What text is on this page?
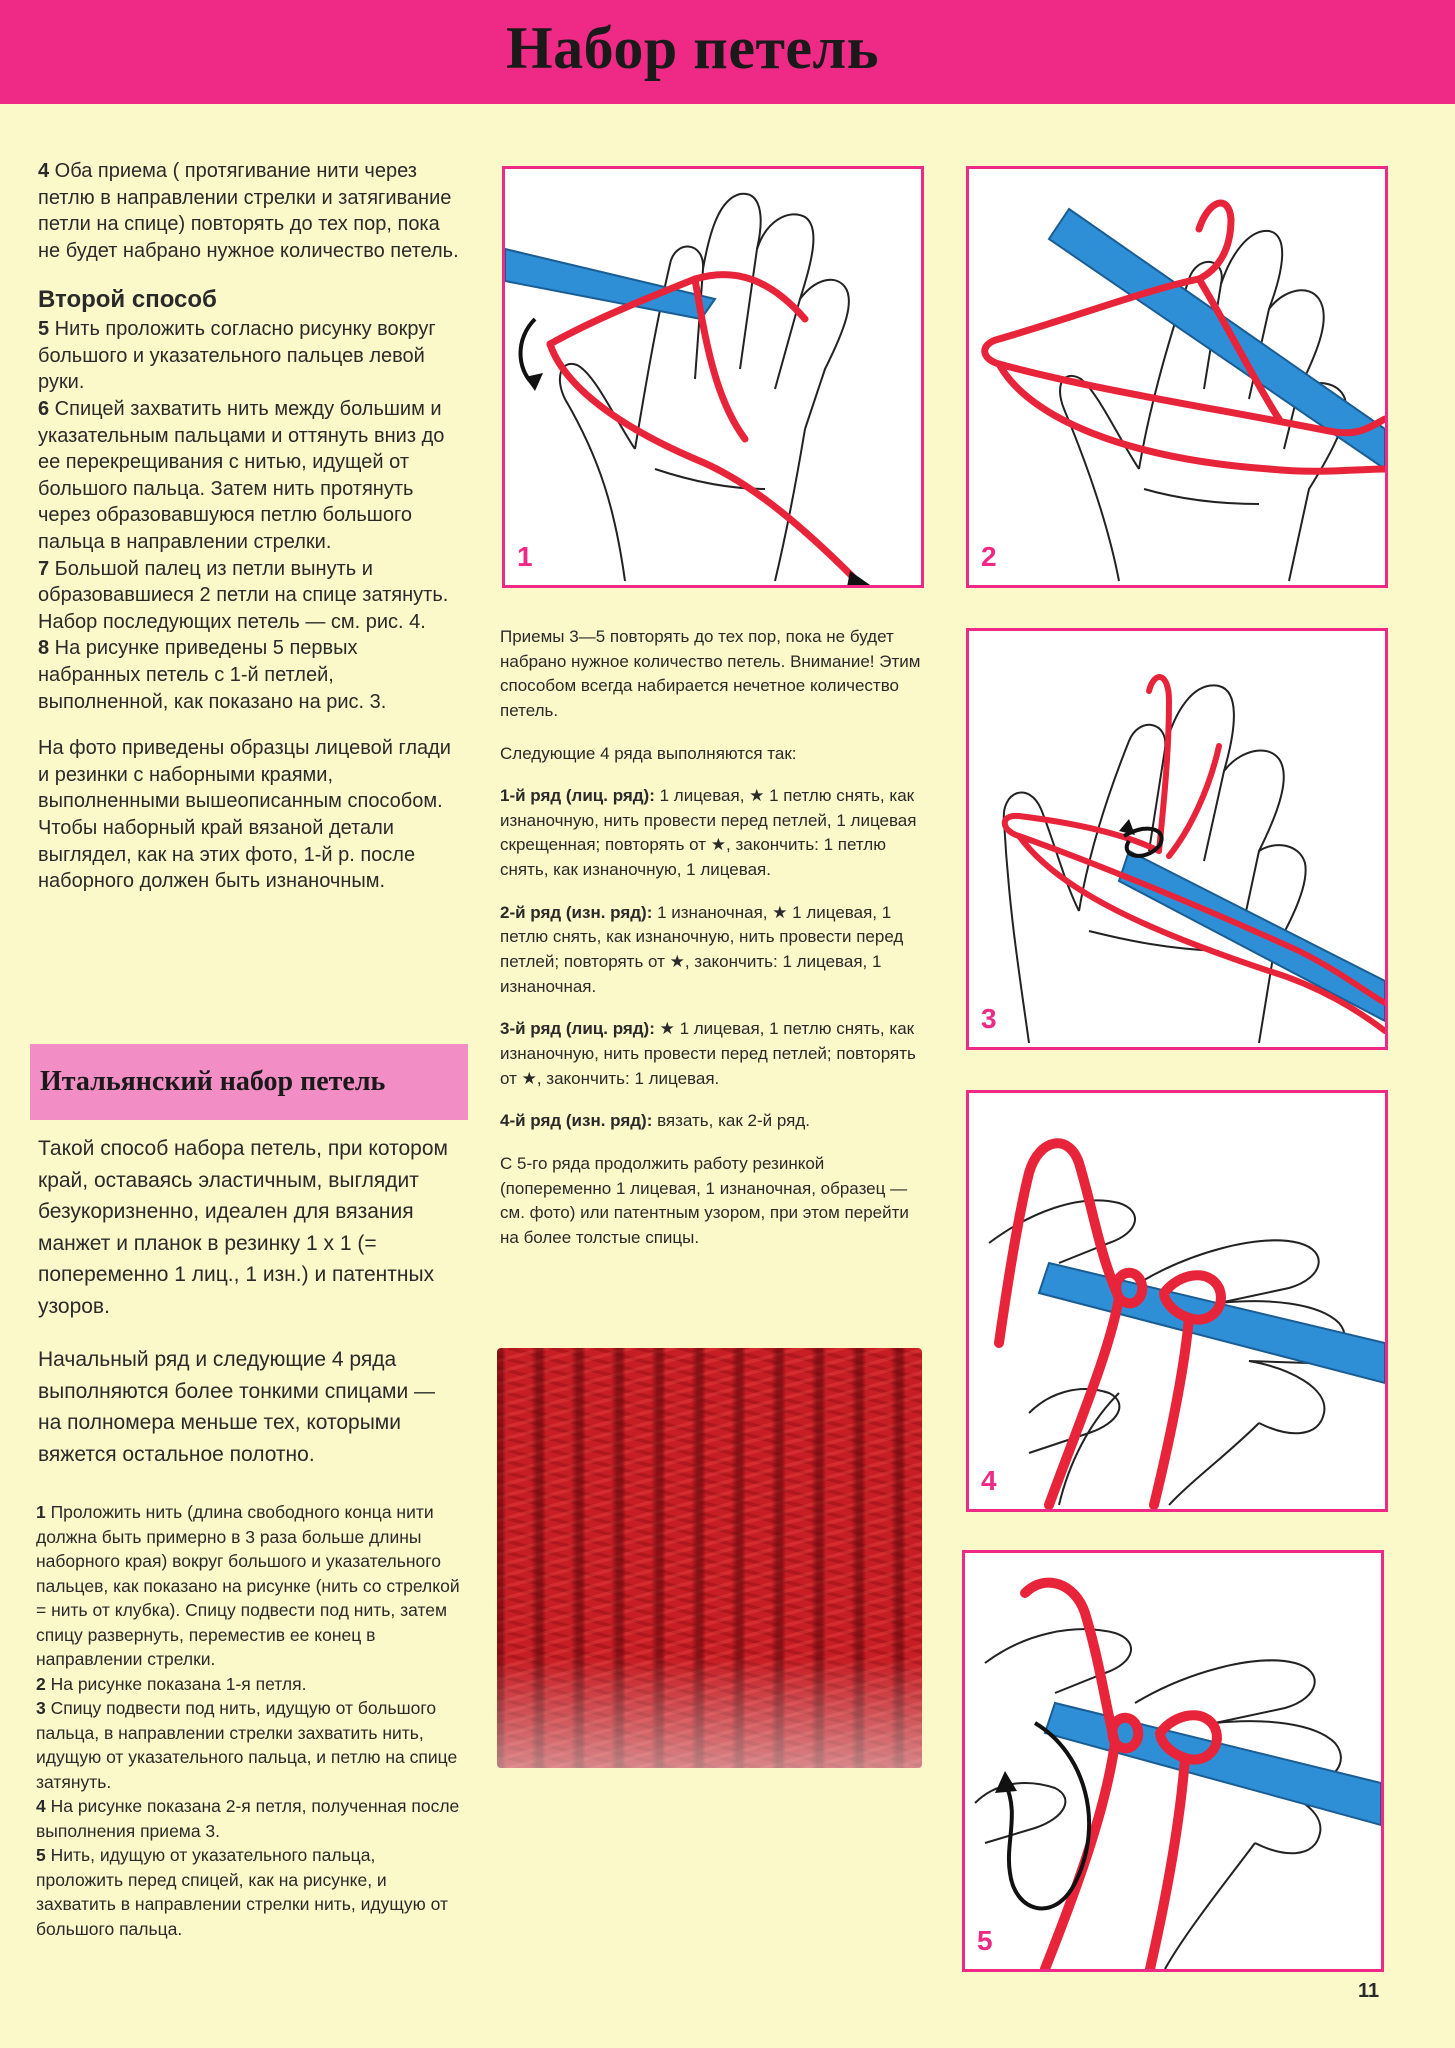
Набор петель

4 Оба приема ( протягивание нити через петлю в направлении стрелки и затягивание петли на спице) повторять до тех пор, пока не будет набрано нужное количество петель.

Второй способ

5 Нить проложить согласно рисунку вокруг большого и указательного пальцев левой руки.

6 Спицей захватить нить между большим и указательным пальцами и оттянуть вниз до ее перекрещивания с нитью, идущей от большого пальца. Затем нить протянуть через образовавшуюся петлю большого пальца в направлении стрелки.

7 Большой палец из петли вынуть и образовавшиеся 2 петли на спице затянуть. Набор последующих петель — см. рис. 4.

8 На рисунке приведены 5 первых набранных петель с 1-й петлей, выполненной, как показано на рис. 3.

На фото приведены образцы лицевой глади и резинки с наборными краями, выполненными вышеописанным способом.

Чтобы наборный край вязаной детали выглядел, как на этих фото, 1-й р. после наборного должен быть изнаночным.

Итальянский набор петель

Такой способ набора петель, при котором край, оставаясь эластичным, выглядит безукоризненно, идеален для вязания манжет и планок в резинку 1 x 1 (= попеременно 1 лиц., 1 изн.) и патентных узоров.

Начальный ряд и следующие 4 ряда выполняются более тонкими спицами — на полномера меньше тех, которыми вяжется остальное полотно.

1 Проложить нить (длина свободного конца нити должна быть примерно в 3 раза больше длины наборного края) вокруг большого и указательного пальцев, как показано на рисунке (нить со стрелкой = нить от клубка). Спицу подвести под нить, затем спицу развернуть, переместив ее конец в направлении стрелки.

2 На рисунке показана 1-я петля.

3 Спицу подвести под нить, идущую от большого пальца, в направлении стрелки захватить нить, идущую от указательного пальца, и петлю на спице затянуть.

4 На рисунке показана 2-я петля, полученная после выполнения приема 3.

5 Нить, идущую от указательного пальца, проложить перед спицей, как на рисунке, и захватить в направлении стрелки нить, идущую от большого пальца.

Приемы 3—5 повторять до тех пор, пока не будет набрано нужное количество петель. Внимание! Этим способом всегда набирается нечетное количество петель.

Следующие 4 ряда выполняются так:

1-й ряд (лиц. ряд): 1 лицевая, ★ 1 петлю снять, как изнаночную, нить провести перед петлей, 1 лицевая скрещенная; повторять от ★, закончить: 1 петлю снять, как изнаночную, 1 лицевая.

2-й ряд (изн. ряд): 1 изнаночная, ★ 1 лицевая, 1 петлю снять, как изнаночную, нить провести перед петлей; повторять от ★, закончить: 1 лицевая, 1 изнаночная.

3-й ряд (лиц. ряд): ★ 1 лицевая, 1 петлю снять, как изнаночную, нить провести перед петлей; повторять от ★, закончить: 1 лицевая.

4-й ряд (изн. ряд): вязать, как 2-й ряд.

С 5-го ряда продолжить работу резинкой (попеременно 1 лицевая, 1 изнаночная, образец — см. фото) или патентным узором, при этом перейти на более толстые спицы.

1	2
3
4
5
11
